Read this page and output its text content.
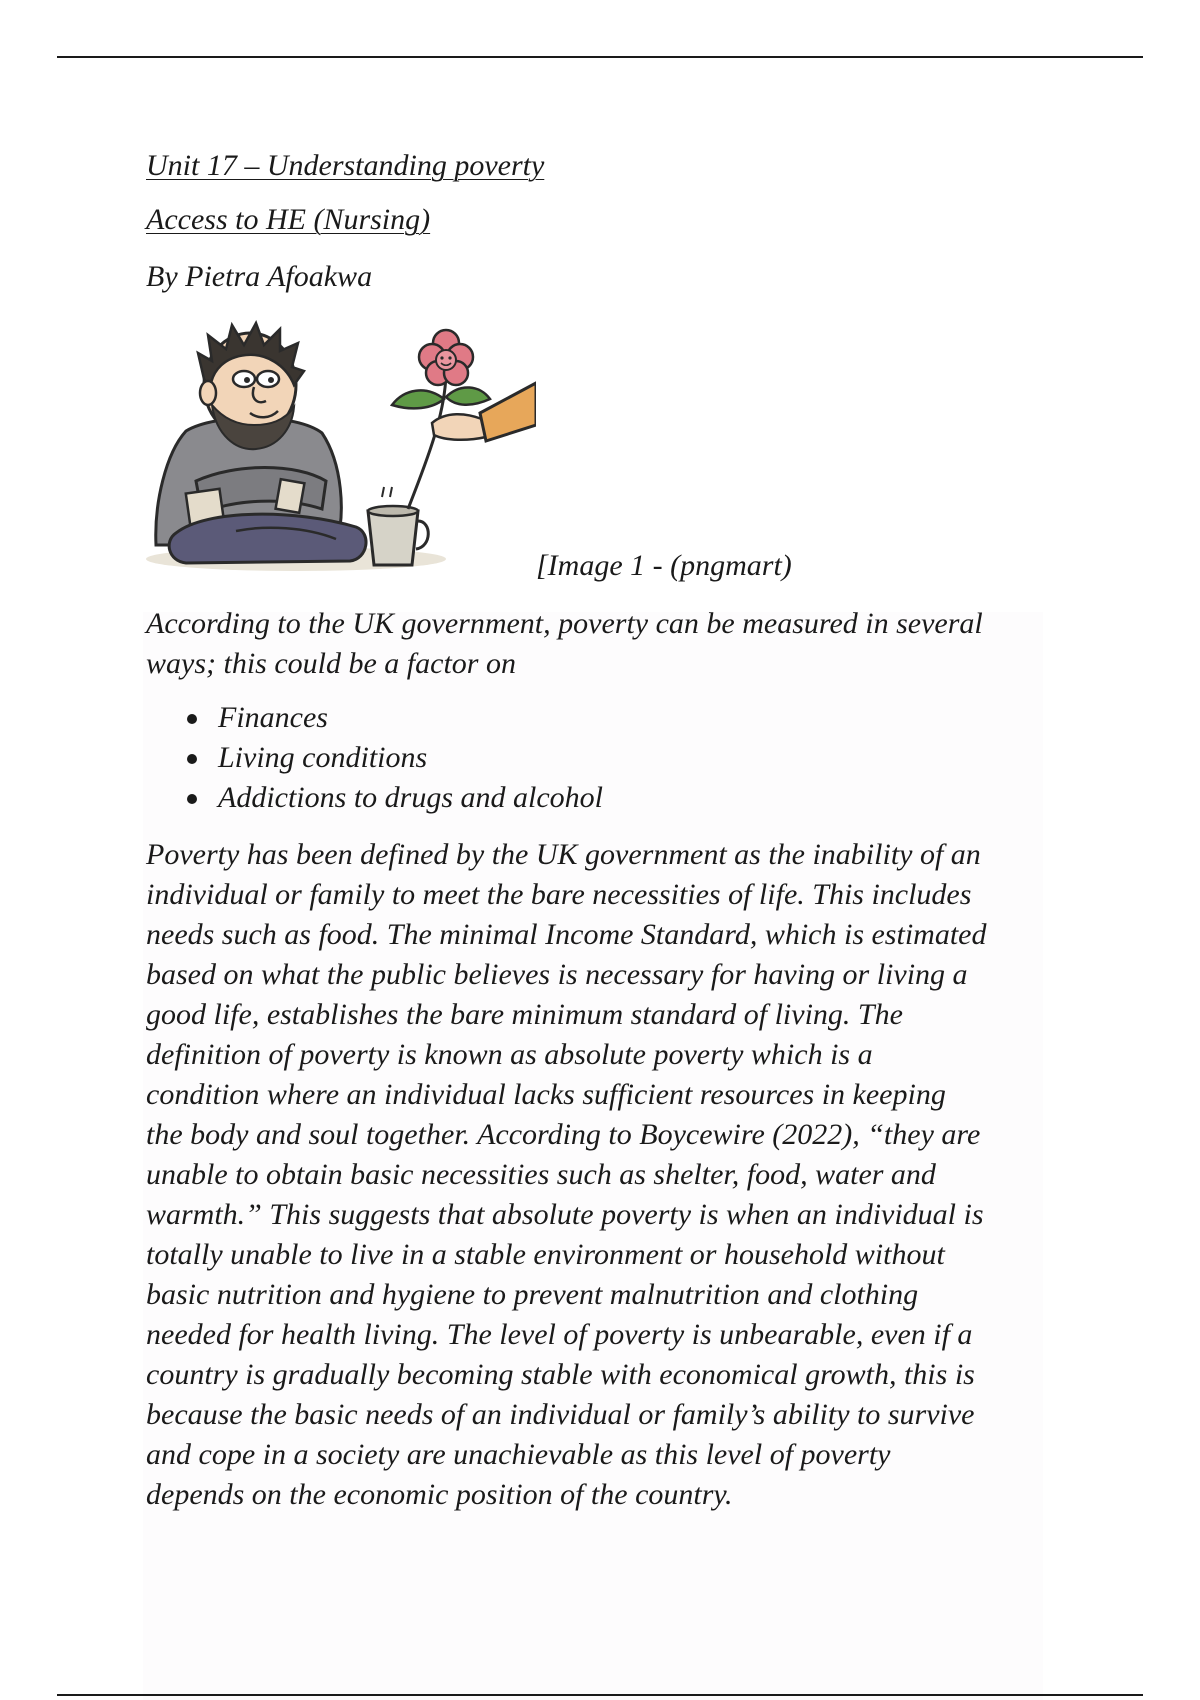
Unit 17 – Understanding poverty
Access to HE (Nursing)
By Pietra Afoakwa
[Image 1 - (pngmart)

According to the UK government, poverty can be measured in several
ways; this could be a factor on

Finances
Living conditions
Addictions to drugs and alcohol

Poverty has been defined by the UK government as the inability of an
individual or family to meet the bare necessities of life. This includes
needs such as food. The minimal Income Standard, which is estimated
based on what the public believes is necessary for having or living a
good life, establishes the bare minimum standard of living. The
definition of poverty is known as absolute poverty which is a
condition where an individual lacks sufficient resources in keeping
the body and soul together. According to Boycewire (2022), “they are
unable to obtain basic necessities such as shelter, food, water and
warmth.” This suggests that absolute poverty is when an individual is
totally unable to live in a stable environment or household without
basic nutrition and hygiene to prevent malnutrition and clothing
needed for health living. The level of poverty is unbearable, even if a
country is gradually becoming stable with economical growth, this is
because the basic needs of an individual or family’s ability to survive
and cope in a society are unachievable as this level of poverty
depends on the economic position of the country.
